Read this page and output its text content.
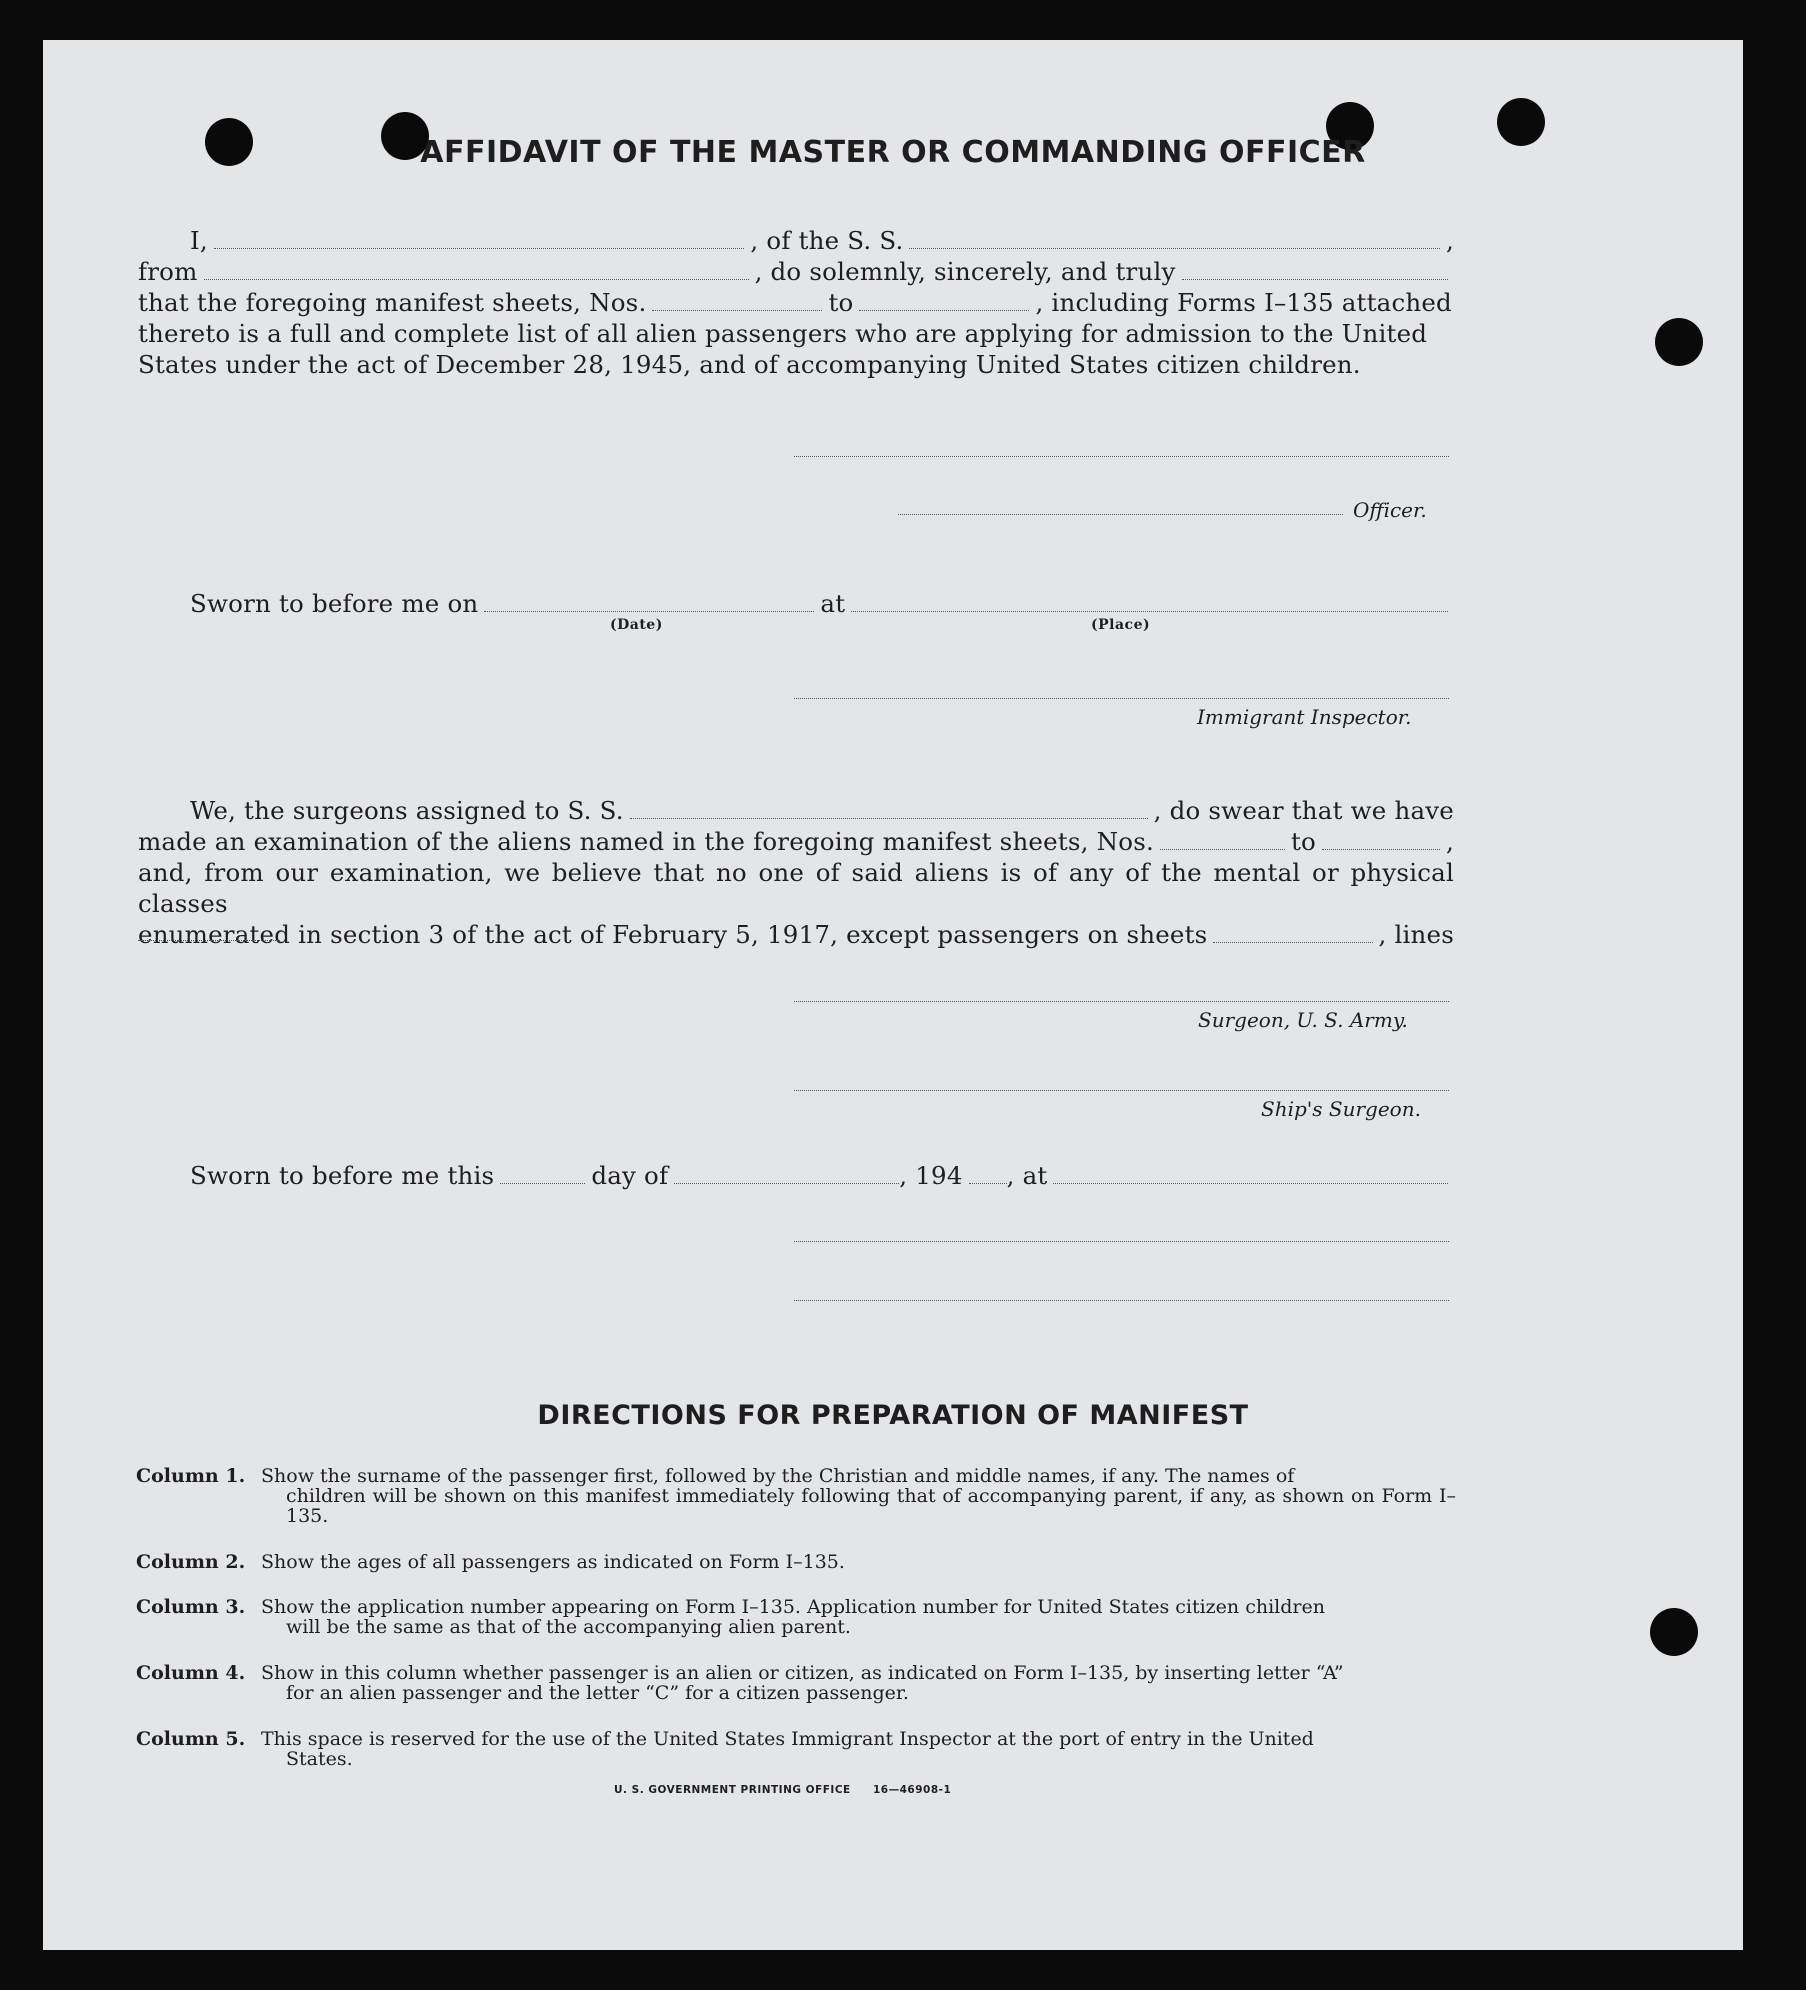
AFFIDAVIT OF THE MASTER OR COMMANDING OFFICER
I,	, of the S. S.	,
from	, do solemnly, sincerely, and truly
that the foregoing manifest sheets, Nos.	to	, including Forms I–135 attached
thereto is a full and complete list of all alien passengers who are applying for admission to the United
States under the act of December 28, 1945, and of accompanying United States citizen children.
Officer.
Sworn to before me on	at
(Date)	(Place)
Immigrant Inspector.
We, the surgeons assigned to S. S.	, do swear that we have
made an examination of the aliens named in the foregoing manifest sheets, Nos.	to	,
and, from our examination, we believe that no one of said aliens is of any of the mental or physical classes
enumerated in section 3 of the act of February 5, 1917, except passengers on sheets	, lines
Surgeon, U. S. Army.
Ship's Surgeon.
Sworn to before me this	day of	, 194 , at
DIRECTIONS FOR PREPARATION OF MANIFEST
Column 1. Show the surname of the passenger first, followed by the Christian and middle names, if any. The names of
children will be shown on this manifest immediately following that of accompanying parent, if any, as shown on Form I–135.
Column 2. Show the ages of all passengers as indicated on Form I–135.
Column 3. Show the application number appearing on Form I–135. Application number for United States citizen children
will be the same as that of the accompanying alien parent.
Column 4. Show in this column whether passenger is an alien or citizen, as indicated on Form I–135, by inserting letter “A”
for an alien passenger and the letter “C” for a citizen passenger.
Column 5. This space is reserved for the use of the United States Immigrant Inspector at the port of entry in the United
States.
U. S. GOVERNMENT PRINTING OFFICE 16—46908-1
